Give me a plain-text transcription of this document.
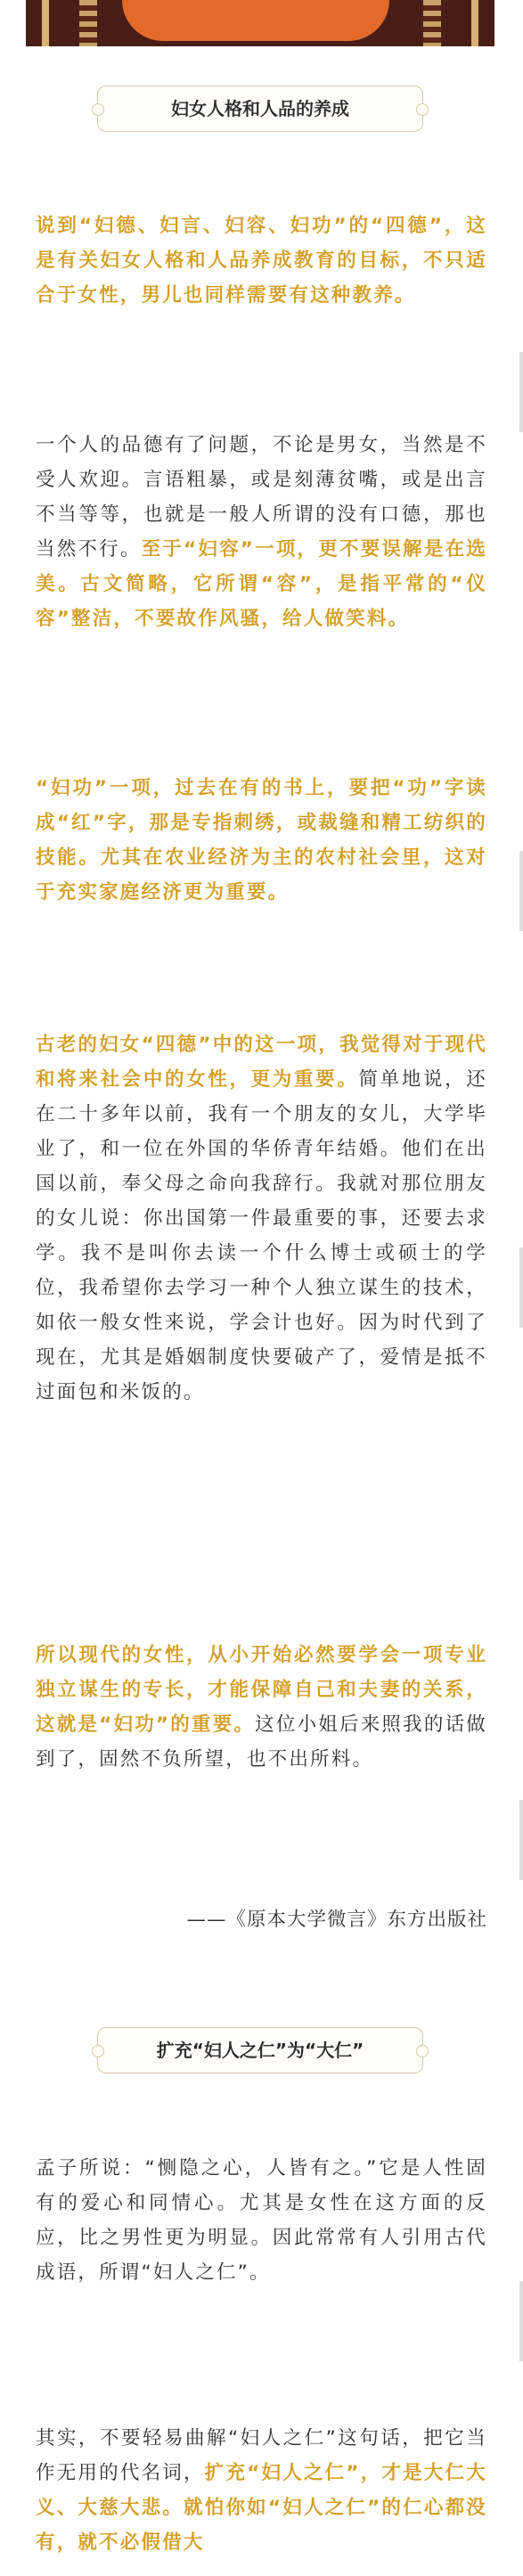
妇女人格和人品的养成

说到“妇德、妇言、妇容、妇功”的“四德”，这是有关妇女人格和人品养成教育的目标，不只适合于女性，男儿也同样需要有这种教养。

一个人的品德有了问题，不论是男女，当然是不受人欢迎。言语粗暴，或是刻薄贫嘴，或是出言不当等等，也就是一般人所谓的没有口德，那也当然不行。至于“妇容”一项，更不要误解是在选美。古文简略，它所谓“容”，是指平常的“仪容”整洁，不要故作风骚，给人做笑料。

“妇功”一项，过去在有的书上，要把“功”字读成“红”字，那是专指刺绣，或裁缝和精工纺织的技能。尤其在农业经济为主的农村社会里，这对于充实家庭经济更为重要。

古老的妇女“四德”中的这一项，我觉得对于现代和将来社会中的女性，更为重要。简单地说，还在二十多年以前，我有一个朋友的女儿，大学毕业了，和一位在外国的华侨青年结婚。他们在出国以前，奉父母之命向我辞行。我就对那位朋友的女儿说：你出国第一件最重要的事，还要去求学。我不是叫你去读一个什么博士或硕士的学位，我希望你去学习一种个人独立谋生的技术，如依一般女性来说，学会计也好。因为时代到了现在，尤其是婚姻制度快要破产了，爱情是抵不过面包和米饭的。

所以现代的女性，从小开始必然要学会一项专业独立谋生的专长，才能保障自己和夫妻的关系，这就是“妇功”的重要。这位小姐后来照我的话做到了，固然不负所望，也不出所料。

——《原本大学微言》东方出版社
扩充“妇人之仁”为“大仁”

孟子所说：“恻隐之心，人皆有之。”它是人性固有的爱心和同情心。尤其是女性在这方面的反应，比之男性更为明显。因此常常有人引用古代成语，所谓“妇人之仁”。

其实，不要轻易曲解“妇人之仁”这句话，把它当作无用的代名词，扩充“妇人之仁”，才是大仁大义、大慈大悲。就怕你如“妇人之仁”的仁心都没有，就不必假借大
